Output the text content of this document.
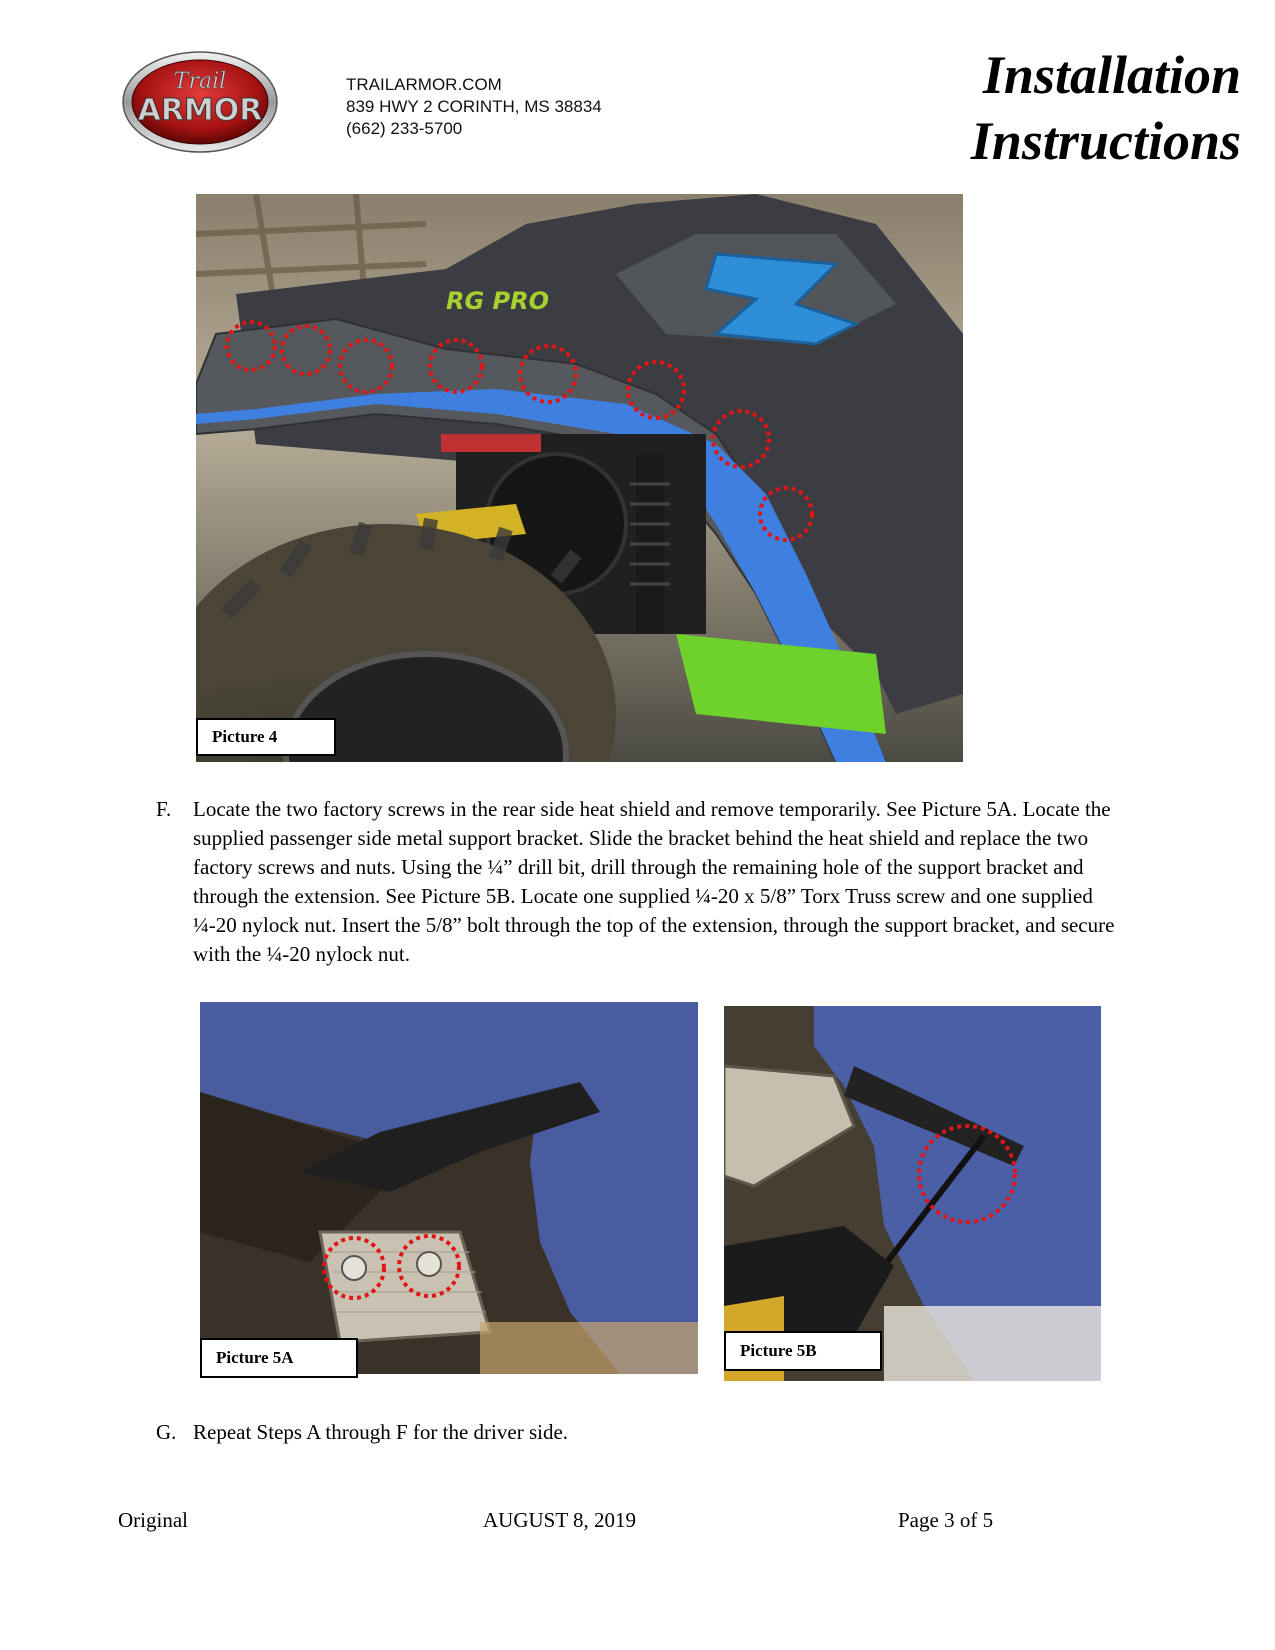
Trail
ARMOR
TRAILARMOR.COM
839 HWY 2 CORINTH, MS 38834
(662) 233-5700
Installation
Instructions
RG PRO
Picture 4
F. Locate the two factory screws in the rear side heat shield and remove temporarily. See Picture 5A. Locate the supplied passenger side metal support bracket. Slide the bracket behind the heat shield and replace the two factory screws and nuts. Using the ¼” drill bit, drill through the remaining hole of the support bracket and through the extension. See Picture 5B. Locate one supplied ¼-20 x 5/8” Torx Truss screw and one supplied ¼-20 nylock nut. Insert the 5/8” bolt through the top of the extension, through the support bracket, and secure with the ¼-20 nylock nut.
Picture 5A	Picture 5B
G. Repeat Steps A through F for the driver side.
Original	AUGUST 8, 2019	Page 3 of 5
